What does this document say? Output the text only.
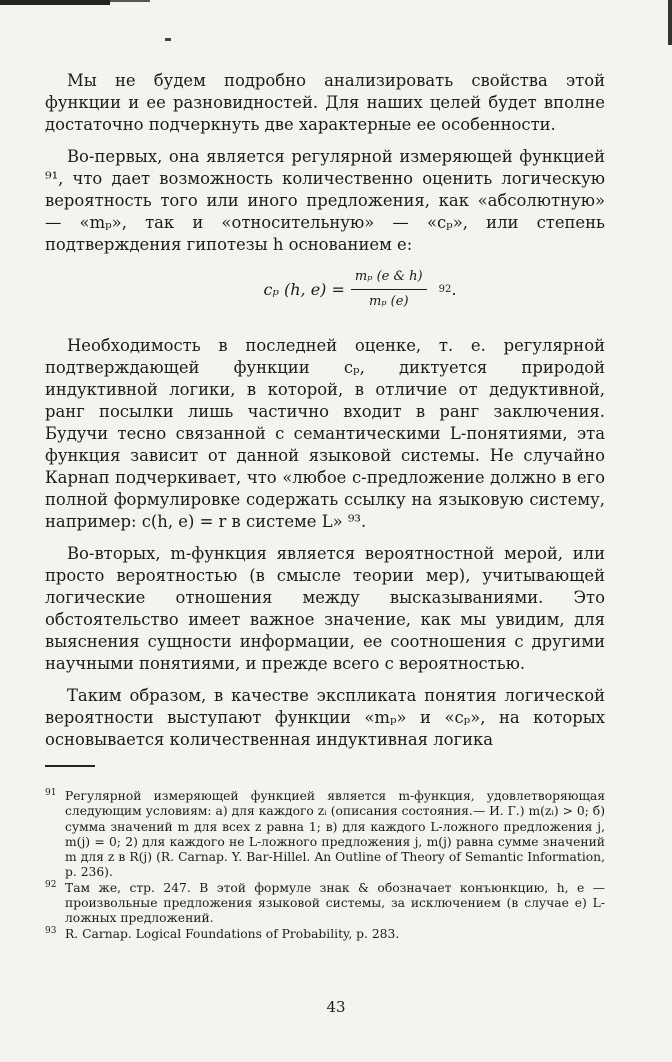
Мы не будем подробно анализировать свойства этой функции и ее разновидностей. Для наших целей будет вполне достаточно подчеркнуть две характерные ее особенности.

Во-первых, она является регулярной измеряющей функцией ⁹¹, что дает возможность количественно оценить логическую вероятность того или иного предложения, как «абсолютную» — «mₚ», так и «относительную» — «cₚ», или степень подтверждения гипотезы h основанием e:

cₚ (h, $e) = \frac{\text{mₚ (e \& h)}}{\text{mₚ (e)}} 92$ .

Необходимость в последней оценке, т. е. регулярной подтверждающей функции cₚ, диктуется природой индуктивной логики, в которой, в отличие от дедуктивной, ранг посылки лишь частично входит в ранг заключения. Будучи тесно связанной с семантическими L-понятиями, эта функция зависит от данной языковой системы. Не случайно Карнап подчеркивает, что «любое c-предложение должно в его полной формулировке содержать ссылку на языковую систему, например: c(h, e) = r в системе L» ⁹³.

Во-вторых, m-функция является вероятностной мерой, или просто вероятностью (в смысле теории мер), учитывающей логические отношения между высказываниями. Это обстоятельство имеет важное значение, как мы увидим, для выяснения сущности информации, ее соотношения с другими научными понятиями, и прежде всего с вероятностью.

Таким образом, в качестве экспликата понятия логической вероятности выступают функции «mₚ» и «cₚ», на которых основывается количественная индуктивная логика

91 Регулярной измеряющей функцией является m-функция, удовлетворяющая следующим условиям: а) для каждого zᵢ (описания состояния.— И. Г.) m(zᵢ) > 0; б) сумма значений m для всех z равна 1; в) для каждого L-ложного предложения j, m(j) = 0; 2) для каждого не L-ложного предложения j, m(j) равна сумме значений m для z в R(j) (R. Carnap. Y. Bar-Hillel. An Outline of Theory of Semantic Information, p. 236).
92 Там же, стр. 247. В этой формуле знак & обозначает конъюнкцию, h, e — произвольные предложения языковой системы, за исключением (в случае e) L-ложных предложений.
93 R. Carnap. Logical Foundations of Probability, p. 283.
43
